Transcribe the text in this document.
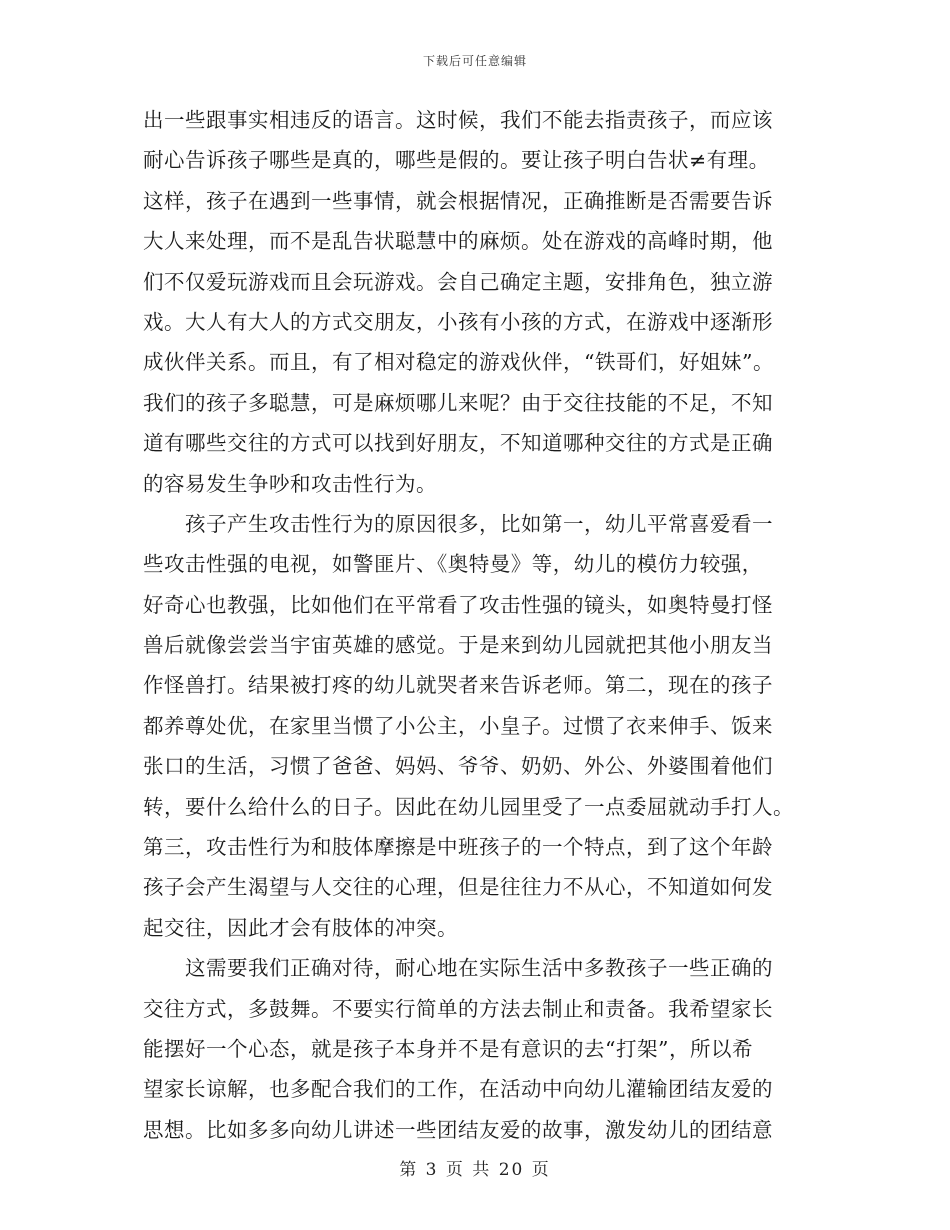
下载后可任意编辑
出一些跟事实相违反的语言。这时候，我们不能去指责孩子，而应该
耐心告诉孩子哪些是真的，哪些是假的。要让孩子明白告状≠有理。
这样，孩子在遇到一些事情，就会根据情况，正确推断是否需要告诉
大人来处理，而不是乱告状聪慧中的麻烦。处在游戏的高峰时期，他
们不仅爱玩游戏而且会玩游戏。会自己确定主题，安排角色，独立游
戏。大人有大人的方式交朋友，小孩有小孩的方式，在游戏中逐渐形
成伙伴关系。而且，有了相对稳定的游戏伙伴，“铁哥们，好姐妹”。
我们的孩子多聪慧，可是麻烦哪儿来呢？由于交往技能的不足，不知
道有哪些交往的方式可以找到好朋友，不知道哪种交往的方式是正确
的容易发生争吵和攻击性行为。
　　孩子产生攻击性行为的原因很多，比如第一，幼儿平常喜爱看一
些攻击性强的电视，如警匪片、《奥特曼》等，幼儿的模仿力较强，
好奇心也教强，比如他们在平常看了攻击性强的镜头，如奥特曼打怪
兽后就像尝尝当宇宙英雄的感觉。于是来到幼儿园就把其他小朋友当
作怪兽打。结果被打疼的幼儿就哭者来告诉老师。第二，现在的孩子
都养尊处优，在家里当惯了小公主，小皇子。过惯了衣来伸手、饭来
张口的生活，习惯了爸爸、妈妈、爷爷、奶奶、外公、外婆围着他们
转，要什么给什么的日子。因此在幼儿园里受了一点委屈就动手打人。
第三，攻击性行为和肢体摩擦是中班孩子的一个特点，到了这个年龄
孩子会产生渴望与人交往的心理，但是往往力不从心，不知道如何发
起交往，因此才会有肢体的冲突。
　　这需要我们正确对待，耐心地在实际生活中多教孩子一些正确的
交往方式，多鼓舞。不要实行简单的方法去制止和责备。我希望家长
能摆好一个心态，就是孩子本身并不是有意识的去“打架”，所以希
望家长谅解，也多配合我们的工作，在活动中向幼儿灌输团结友爱的
思想。比如多多向幼儿讲述一些团结友爱的故事，激发幼儿的团结意
第 3 页 共 20 页
